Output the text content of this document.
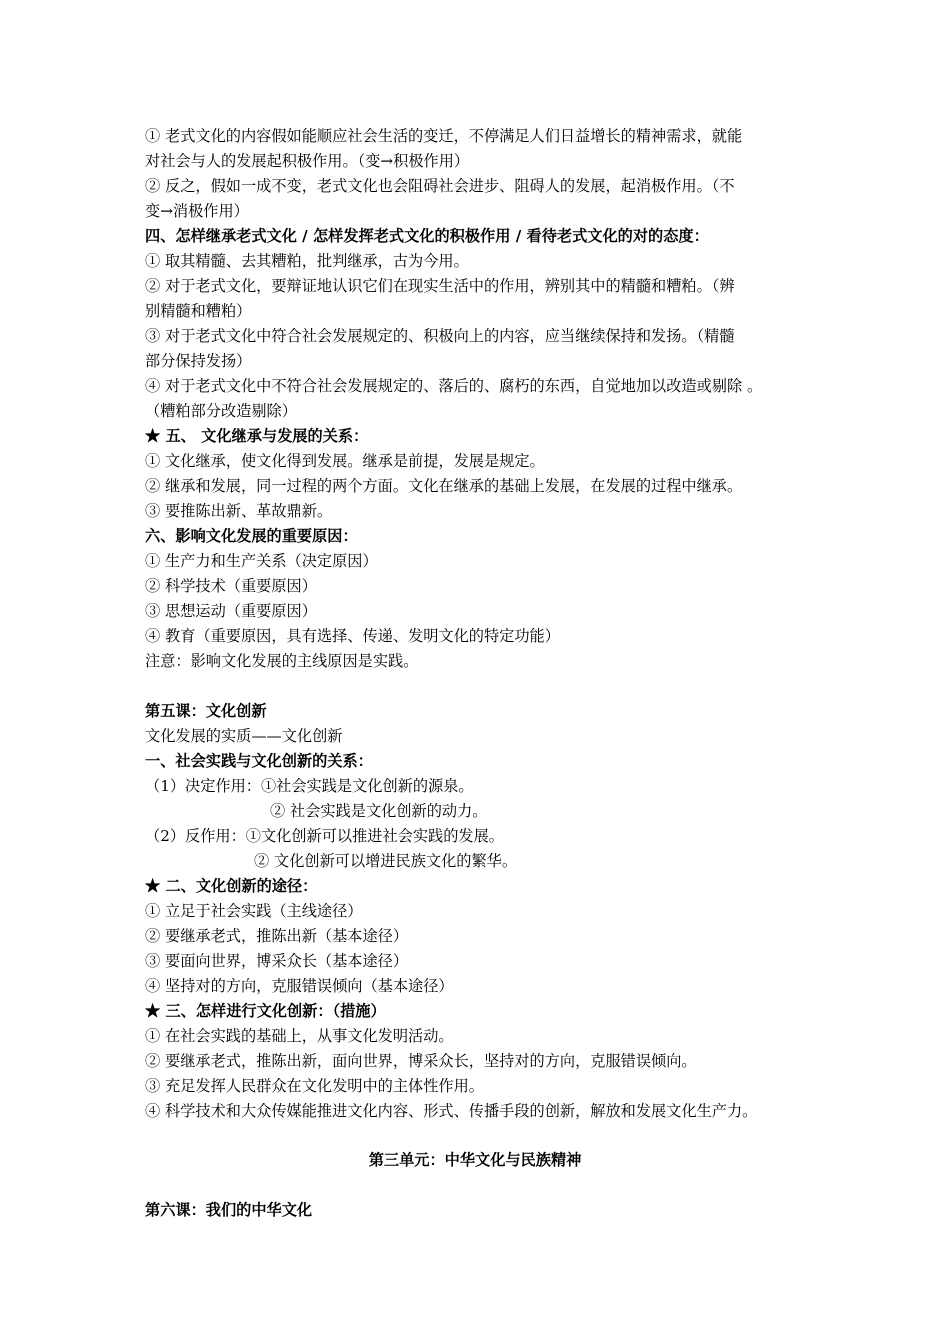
① 老式文化的内容假如能顺应社会生活的变迁，不停满足人们日益增长的精神需求，就能
对社会与人的发展起积极作用。（变→积极作用）
② 反之，假如一成不变，老式文化也会阻碍社会进步、阻碍人的发展，起消极作用。（不
变→消极作用）
四、怎样继承老式文化 / 怎样发挥老式文化的积极作用 / 看待老式文化的对的态度：
① 取其精髓、去其糟粕，批判继承，古为今用。
② 对于老式文化，要辩证地认识它们在现实生活中的作用，辨别其中的精髓和糟粕。（辨
别精髓和糟粕）
③ 对于老式文化中符合社会发展规定的、积极向上的内容，应当继续保持和发扬。（精髓
部分保持发扬）
④ 对于老式文化中不符合社会发展规定的、落后的、腐朽的东西，自觉地加以改造或剔除 。
（糟粕部分改造剔除）
★ 五、 文化继承与发展的关系：
① 文化继承，使文化得到发展。继承是前提，发展是规定。
② 继承和发展，同一过程的两个方面。文化在继承的基础上发展，在发展的过程中继承。
③ 要推陈出新、革故鼎新。
六、影响文化发展的重要原因：
① 生产力和生产关系（决定原因）
② 科学技术（重要原因）
③ 思想运动（重要原因）
④ 教育（重要原因，具有选择、传递、发明文化的特定功能）
注意：影响文化发展的主线原因是实践。
第五课：文化创新
文化发展的实质——文化创新
一、社会实践与文化创新的关系：
（1）决定作用：①社会实践是文化创新的源泉。
② 社会实践是文化创新的动力。
（2）反作用：①文化创新可以推进社会实践的发展。
② 文化创新可以增进民族文化的繁华。
★ 二、文化创新的途径：
① 立足于社会实践（主线途径）
② 要继承老式，推陈出新（基本途径）
③ 要面向世界，博采众长（基本途径）
④ 坚持对的方向，克服错误倾向（基本途径）
★ 三、怎样进行文化创新：（措施）
① 在社会实践的基础上，从事文化发明活动。
② 要继承老式，推陈出新，面向世界，博采众长，坚持对的方向，克服错误倾向。
③ 充足发挥人民群众在文化发明中的主体性作用。
④ 科学技术和大众传媒能推进文化内容、形式、传播手段的创新，解放和发展文化生产力。
第三单元：中华文化与民族精神
第六课：我们的中华文化
